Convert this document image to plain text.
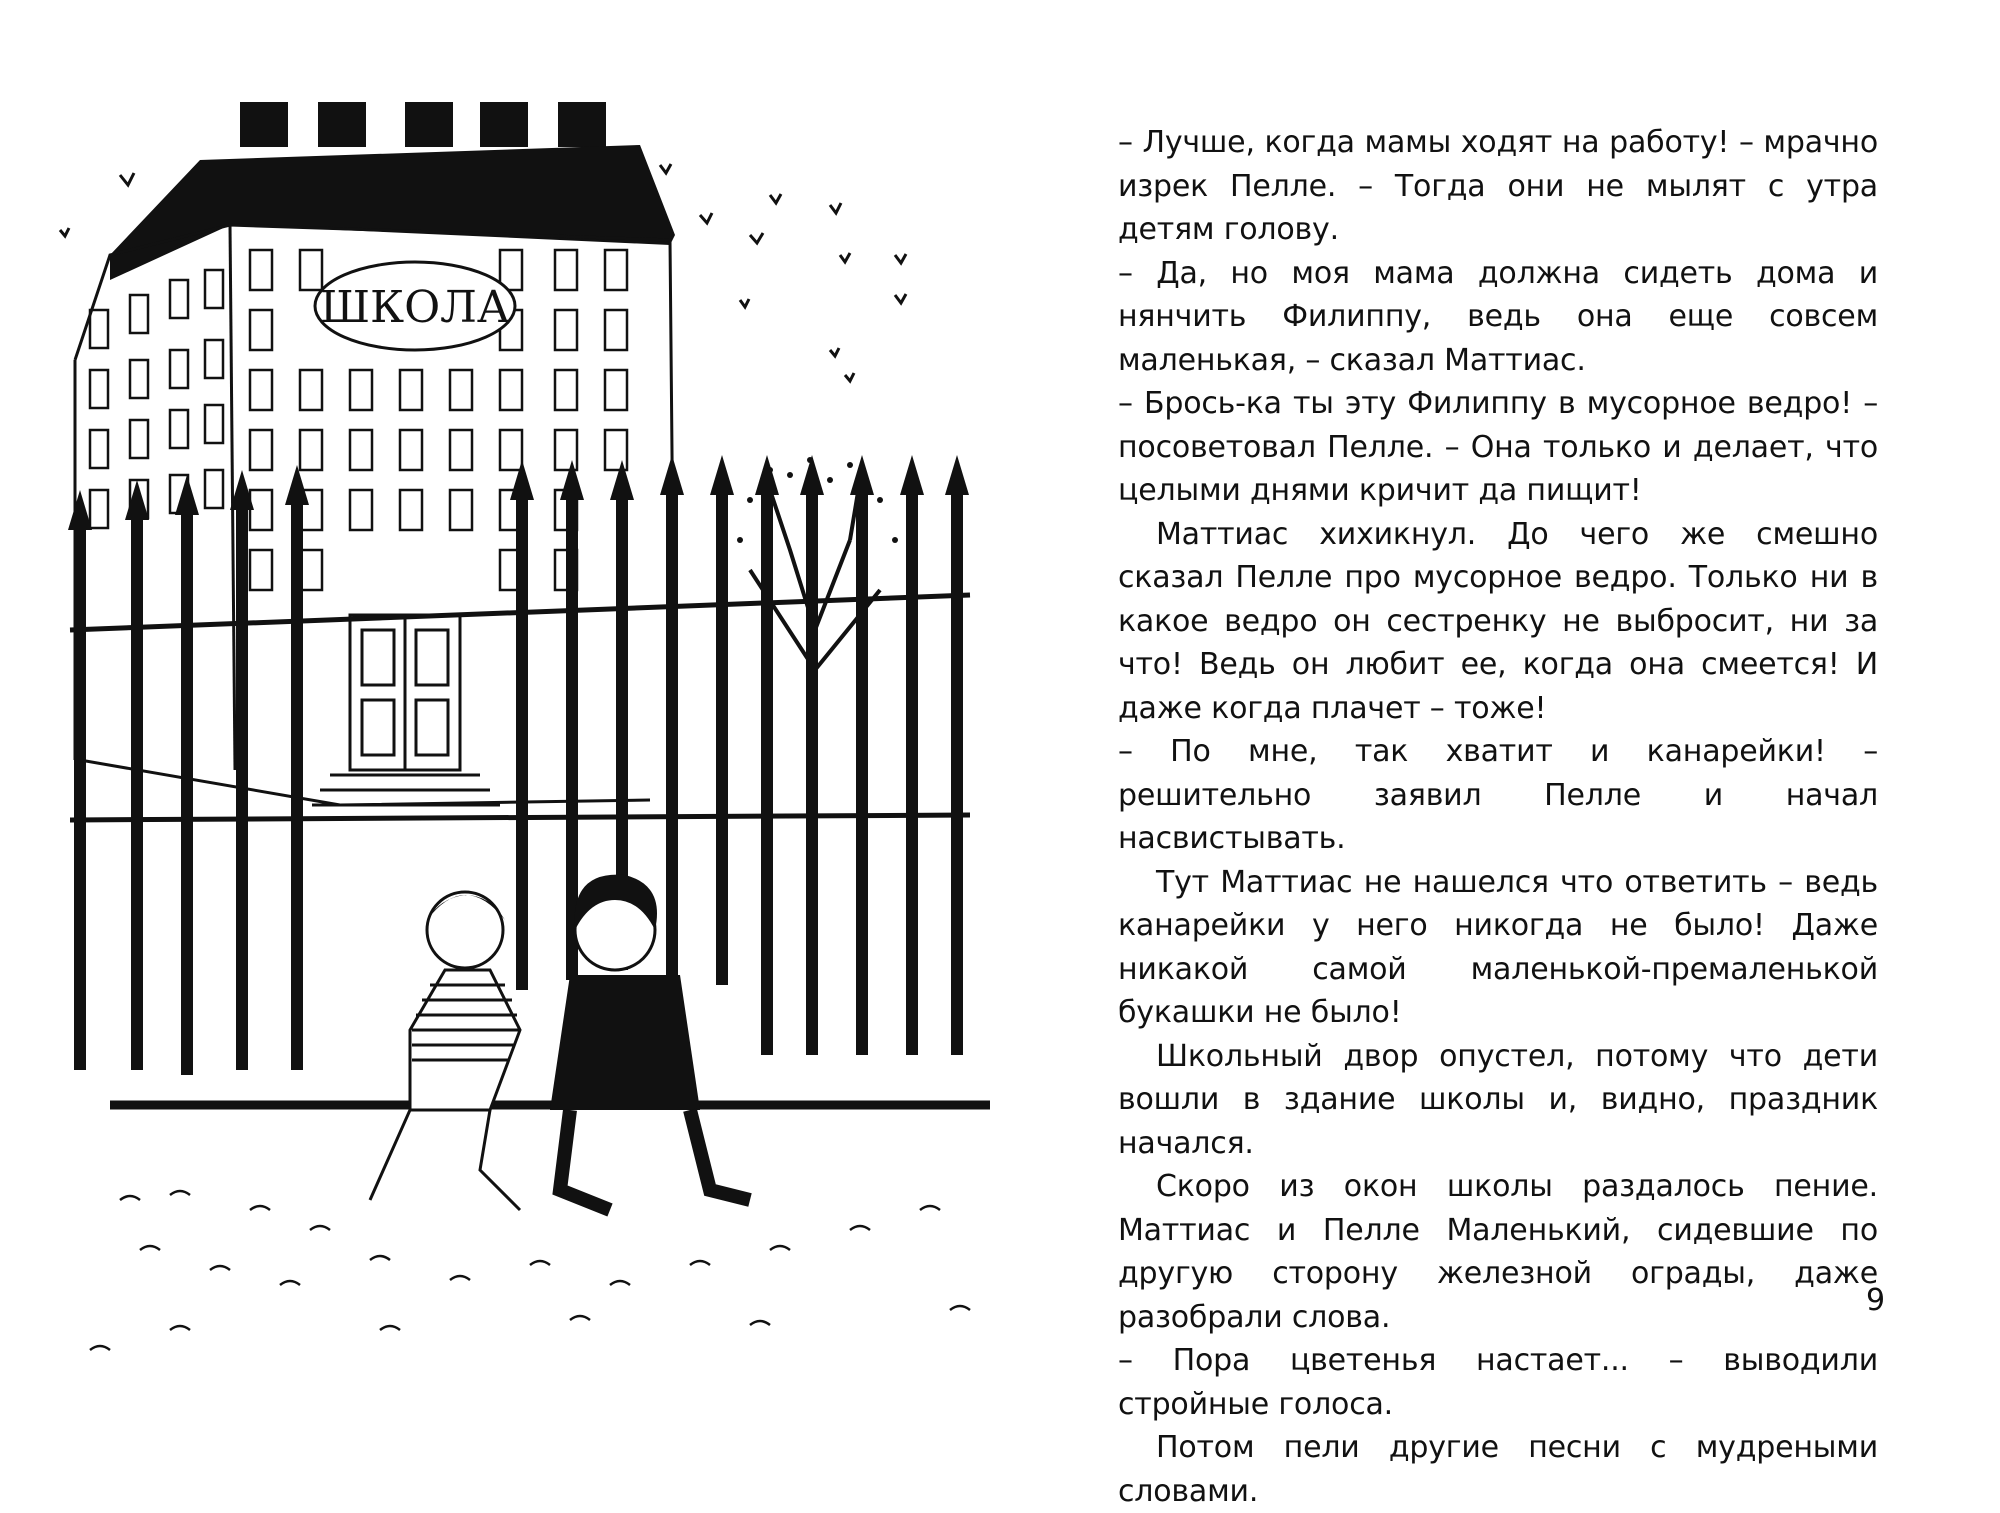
ШКОЛА

– Лучше, когда мамы ходят на работу! – мрачно изрек Пелле. – Тогда они не мылят с утра детям голову.

– Да, но моя мама должна сидеть дома и нянчить Филиппу, ведь она еще совсем маленькая, – сказал Маттиас.

– Брось-ка ты эту Филиппу в мусорное ведро! – посоветовал Пелле. – Она только и делает, что целыми днями кричит да пищит!

Маттиас хихикнул. До чего же смешно сказал Пелле про мусорное ведро. Только ни в какое ведро он сестренку не выбросит, ни за что! Ведь он любит ее, когда она смеется! И даже когда плачет – тоже!

– По мне, так хватит и канарейки! – решительно заявил Пелле и начал насвистывать.

Тут Маттиас не нашелся что ответить – ведь канарейки у него никогда не было! Даже никакой самой маленькой-премаленькой букашки не было!

Школьный двор опустел, потому что дети вошли в здание школы и, видно, праздник начался.

Скоро из окон школы раздалось пение. Маттиас и Пелле Маленький, сидевшие по другую сторону железной ограды, даже разобрали слова.

– Пора цветенья настает... – выводили стройные голоса.

Потом пели другие песни с мудреными словами.

9
